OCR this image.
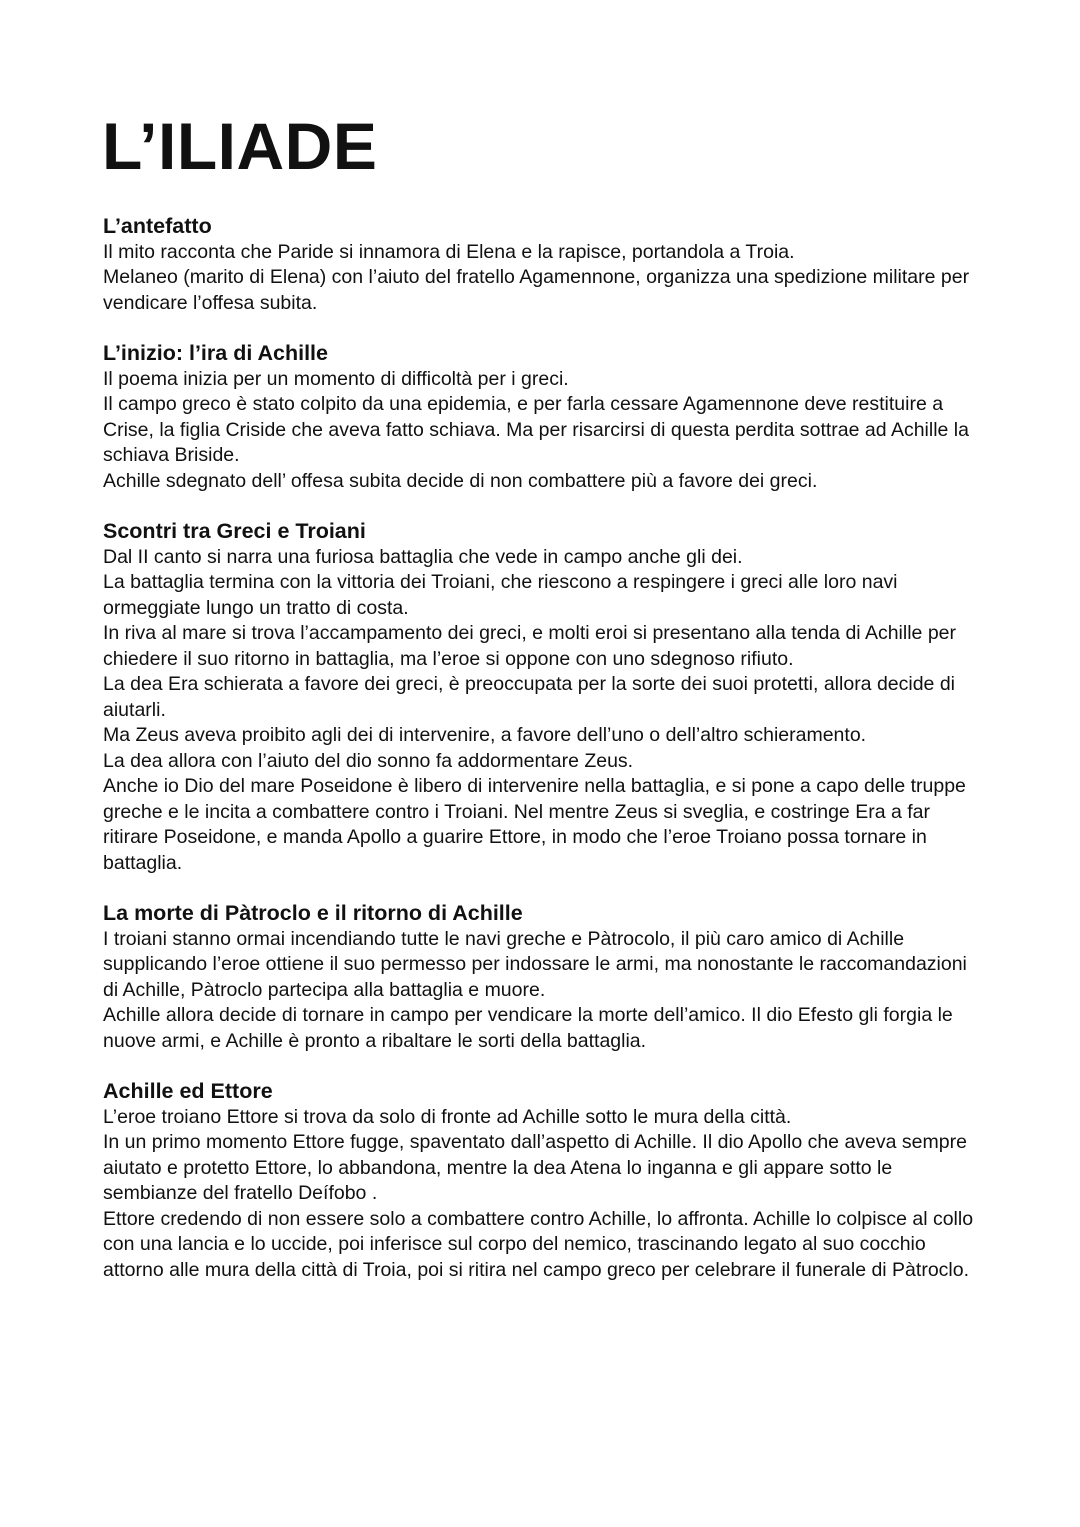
L’ILIADE
L’antefatto

Il mito racconta che Paride si innamora di Elena e la rapisce, portandola a Troia.

Melaneo (marito di Elena) con l’aiuto del fratello Agamennone, organizza una spedizione militare per vendicare l’offesa subita.

L’inizio: l’ira di Achille

Il poema inizia per un momento di difficoltà per i greci.

Il campo greco è stato colpito da una epidemia, e per farla cessare Agamennone deve restituire a Crise, la figlia Criside che aveva fatto schiava. Ma per risarcirsi di questa perdita sottrae ad Achille la schiava Briside.

Achille sdegnato dell’ offesa subita decide di non combattere più a favore dei greci.

Scontri tra Greci e Troiani

Dal II canto si narra una furiosa battaglia che vede in campo anche gli dei.

La battaglia termina con la vittoria dei Troiani, che riescono a respingere i greci alle loro navi ormeggiate lungo un tratto di costa.

In riva al mare si trova l’accampamento dei greci, e molti eroi si presentano alla tenda di Achille per chiedere il suo ritorno in battaglia, ma l’eroe si oppone con uno sdegnoso rifiuto.

La dea Era schierata a favore dei greci, è preoccupata per la sorte dei suoi protetti, allora decide di aiutarli.

Ma Zeus aveva proibito agli dei di intervenire, a favore dell’uno o dell’altro schieramento.

La dea allora con l’aiuto del dio sonno fa addormentare Zeus.

Anche io Dio del mare Poseidone è libero di intervenire nella battaglia, e si pone a capo delle truppe greche e le incita a combattere contro i Troiani. Nel mentre Zeus si sveglia, e costringe Era a far ritirare Poseidone, e manda Apollo a guarire Ettore, in modo che l’eroe Troiano possa tornare in battaglia.

La morte di Pàtroclo e il ritorno di Achille

I troiani stanno ormai incendiando tutte le navi greche e Pàtrocolo, il più caro amico di Achille supplicando l’eroe ottiene il suo permesso per indossare le armi, ma nonostante le raccomandazioni di Achille, Pàtroclo partecipa alla battaglia e muore.

Achille allora decide di tornare in campo per vendicare la morte dell’amico. Il dio Efesto gli forgia le nuove armi, e Achille è pronto a ribaltare le sorti della battaglia.

Achille ed Ettore

L’eroe troiano Ettore si trova da solo di fronte ad Achille sotto le mura della città.

In un primo momento Ettore fugge, spaventato dall’aspetto di Achille. Il dio Apollo che aveva sempre aiutato e protetto Ettore, lo abbandona, mentre la dea Atena lo inganna e gli appare sotto le sembianze del fratello Deífobo .

Ettore credendo di non essere solo a combattere contro Achille, lo affronta. Achille lo colpisce al collo con una lancia e lo uccide, poi inferisce sul corpo del nemico, trascinando legato al suo cocchio attorno alle mura della città di Troia, poi si ritira nel campo greco per celebrare il funerale di Pàtroclo.
